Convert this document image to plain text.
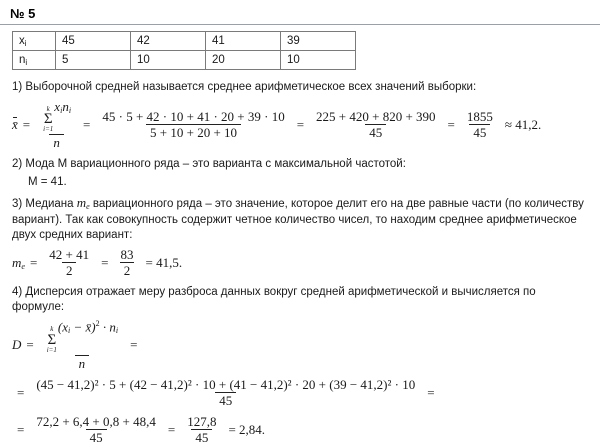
№ 5
$x_i$	45	42	41	39
$n_i$	5	10	20	10
1) Выборочной средней называется среднее арифметическое всех значений выборки:
x̄ =	k
Σ
i=1
xini
$n = \frac{45 \cdot 5 + 42 \cdot 10 + 41 \cdot 20 + 39 \cdot 10}{5 + 10 + 20 + 10} = \frac{225 + 420 + 820 + 390}{45} = \frac{1855}{45} \approx 41,2$.
2) Мода M вариационного ряда – это варианта с максимальной частотой:
M = 41.
3) Медиана $m_e$ вариационного ряда – это значение, которое делит его на две равные части (по количеству вариант). Так как совокупность содержит четное количество чисел, то находим среднее арифметическое двух средних вариант:
me = $\frac{42 + 41}{2} = \frac{83}{2} = 41,5$.
4) Дисперсия отражает меру разброса данных вокруг средней арифметической и вычисляется по формуле:
D =	k
Σ
i=1
(xi − x̄)$^2$ · ni
n =
=
(45 − 41,2)² · 5 + (42 − 41,2)² · 10 + (41 − 41,2)² · 20 + (39 − 41,2)² · 10
45
=
= $\frac{72,2 + 6,4 + 0,8 + 48,4}{45} = \frac{127,8}{45} = 2,84$.
